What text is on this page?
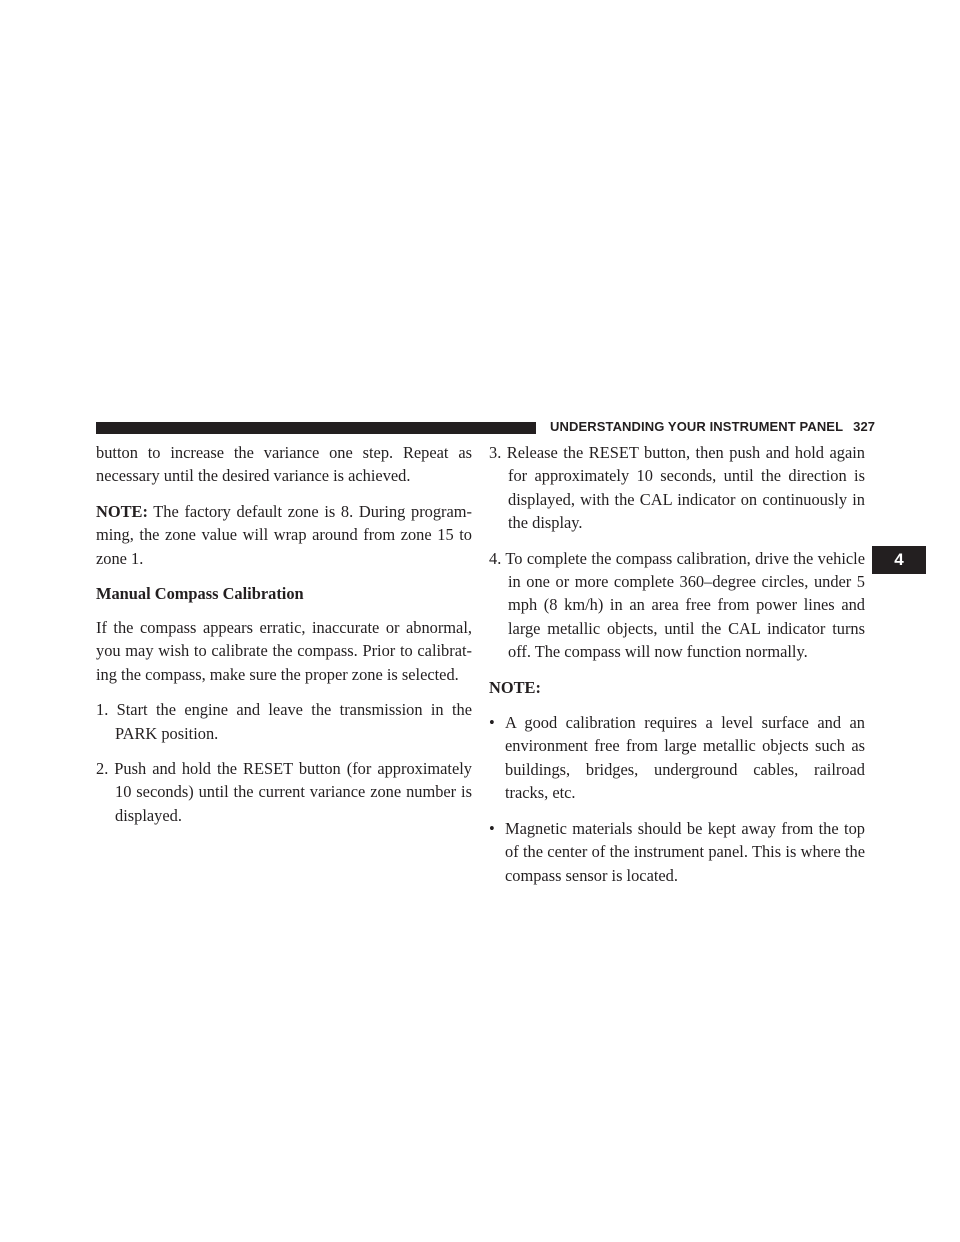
UNDERSTANDING YOUR INSTRUMENT PANEL 327
4

button to increase the variance one step. Repeat as necessary until the desired variance is achieved.

NOTE: The factory default zone is 8. During program-ming, the zone value will wrap around from zone 15 to zone 1.

Manual Compass Calibration

If the compass appears erratic, inaccurate or abnormal, you may wish to calibrate the compass. Prior to calibrat-ing the compass, make sure the proper zone is selected.

1. Start the engine and leave the transmission in the PARK position.

2. Push and hold the RESET button (for approximately 10 seconds) until the current variance zone number is displayed.

3. Release the RESET button, then push and hold again for approximately 10 seconds, until the direction is displayed, with the CAL indicator on continuously in the display.

4. To complete the compass calibration, drive the vehicle in one or more complete 360–degree circles, under 5 mph (8 km/h) in an area free from power lines and large metallic objects, until the CAL indicator turns off. The compass will now function normally.

NOTE:

• A good calibration requires a level surface and an environment free from large metallic objects such as buildings, bridges, underground cables, railroad tracks, etc.
• Magnetic materials should be kept away from the top of the center of the instrument panel. This is where the compass sensor is located.
